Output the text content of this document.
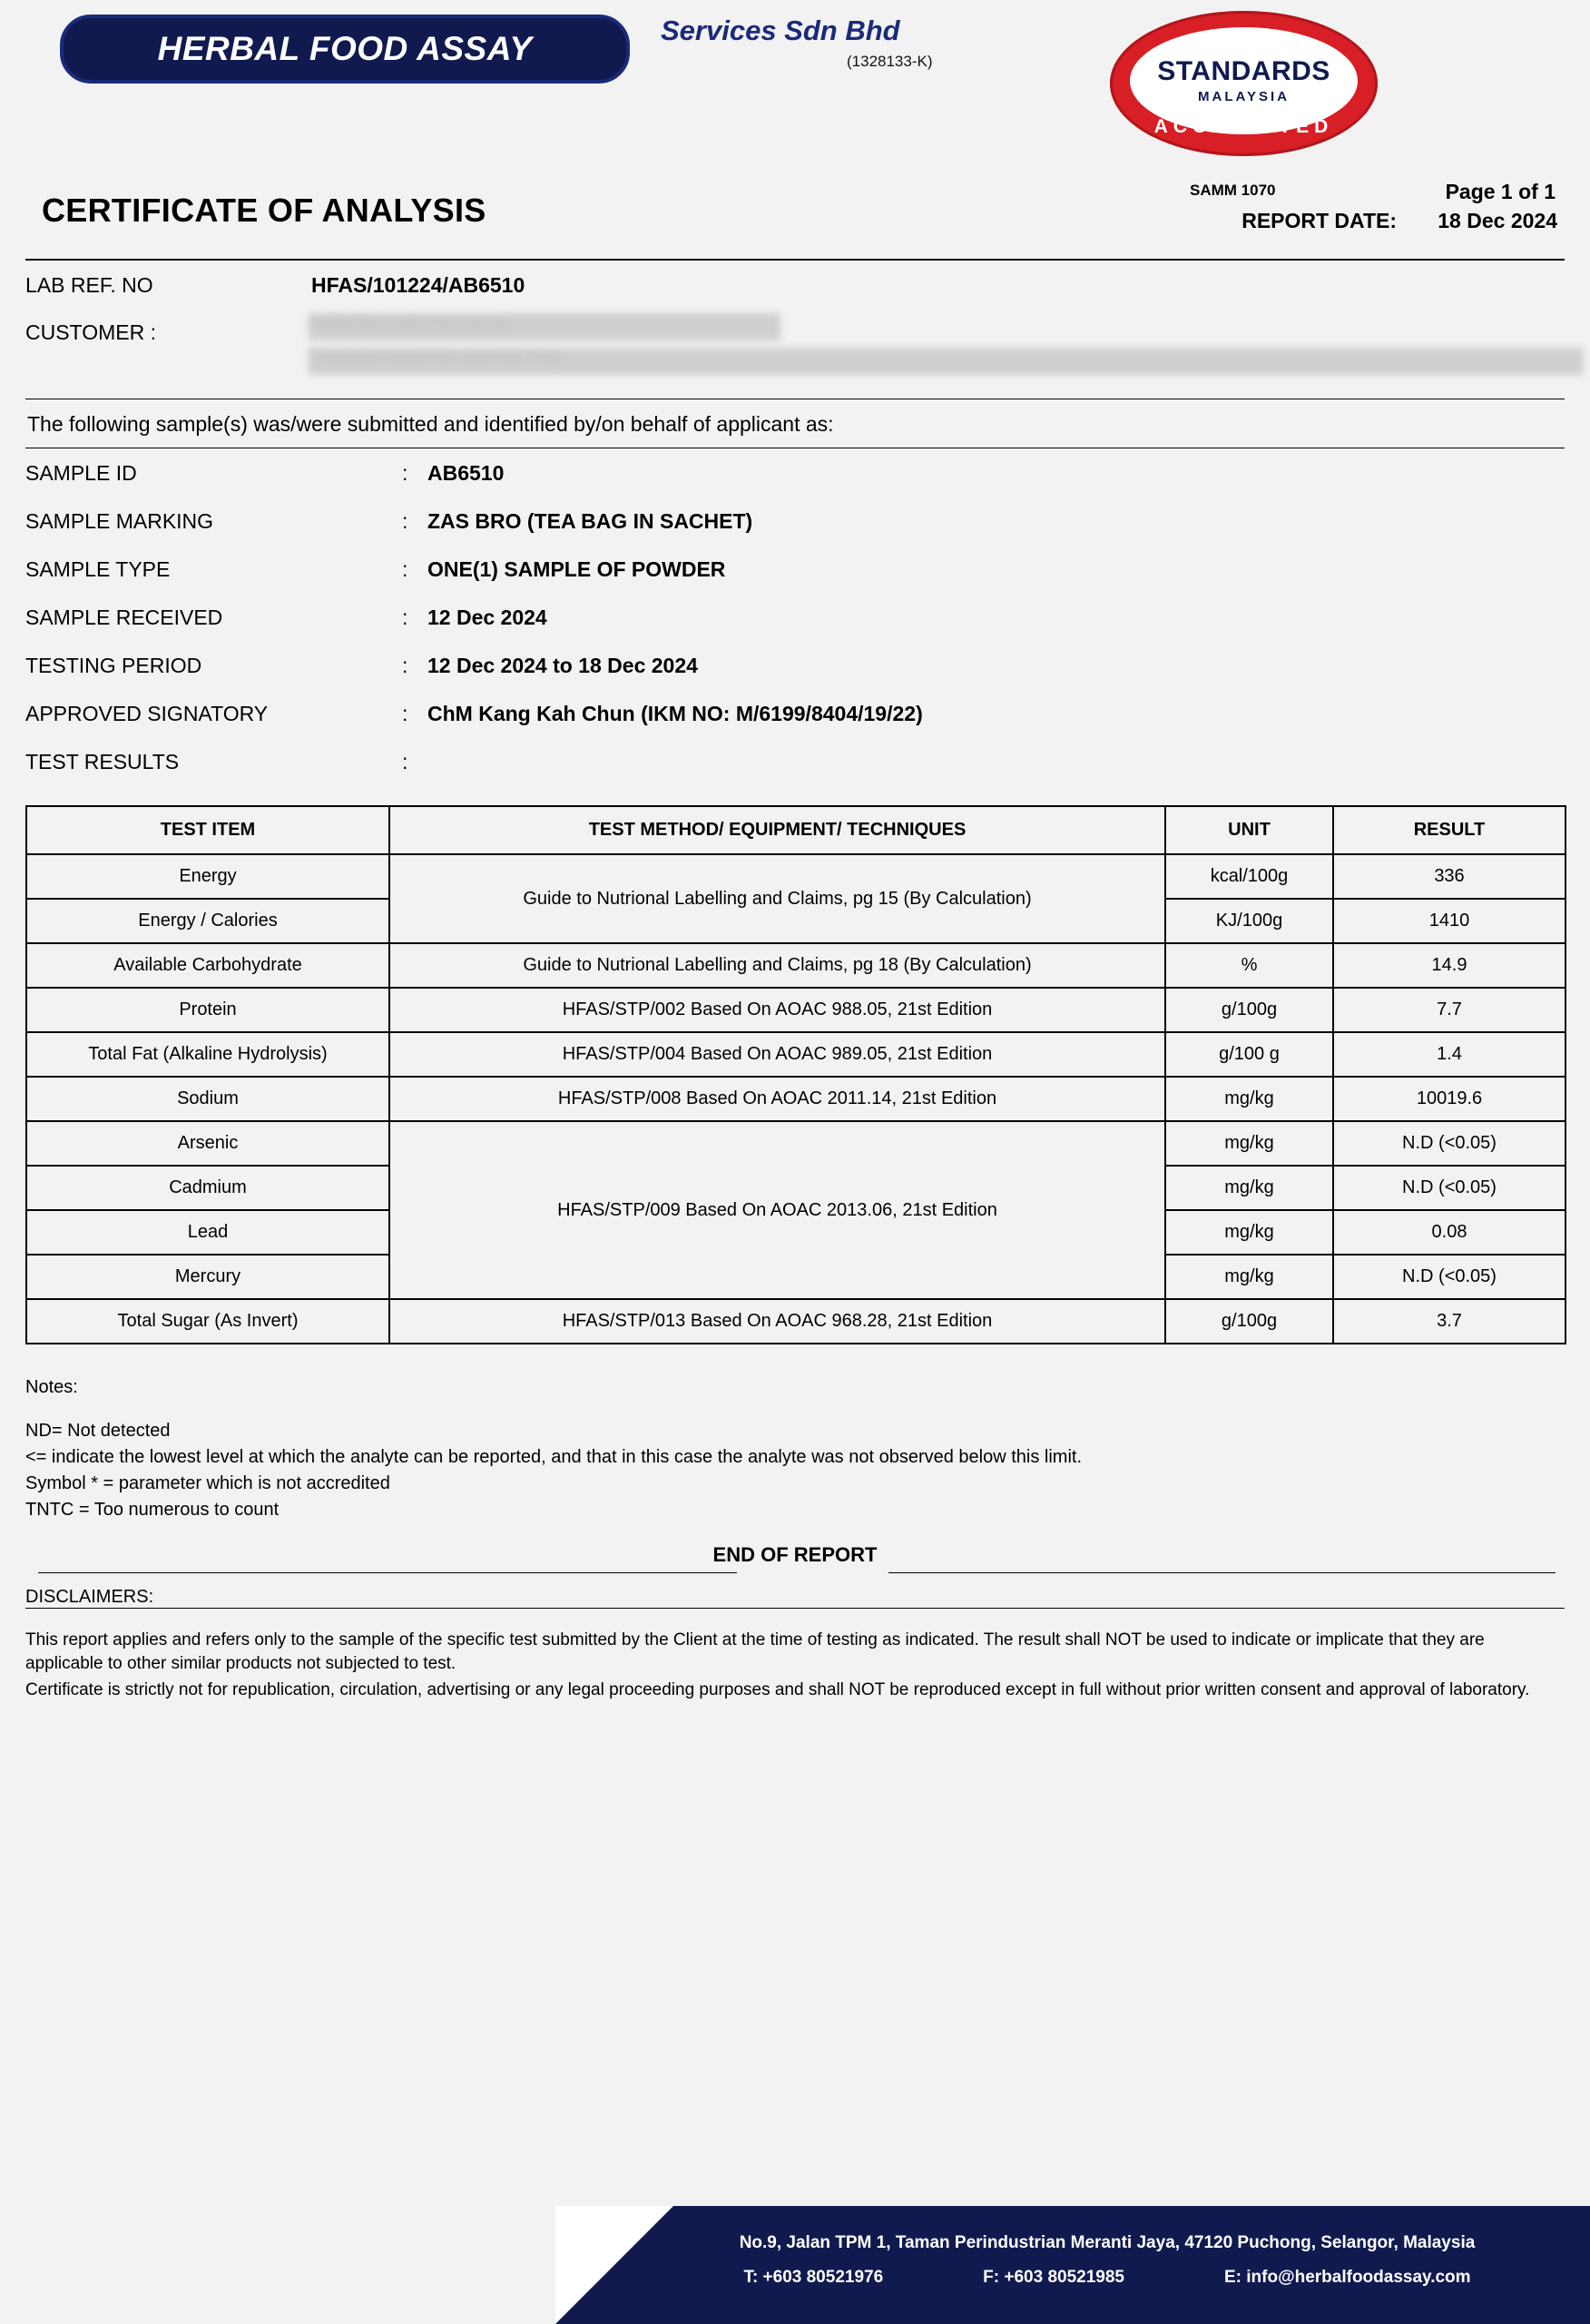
HERBAL FOOD ASSAY	Services Sdn Bhd
(1328133-K)	STANDARDS
MALAYSIA
ACCREDITED
SAMM 1070	Page 1 of 1
CERTIFICATE OF ANALYSIS	REPORT DATE: 18 Dec 2024
LAB REF. NO	HFAS/101224/AB6510
CUSTOMER :	[redacted customer name]
[redacted customer address line]
The following sample(s) was/were submitted and identified by/on behalf of applicant as:
SAMPLE ID	: AB6510
SAMPLE MARKING	: ZAS BRO (TEA BAG IN SACHET)
SAMPLE TYPE	: ONE(1) SAMPLE OF POWDER
SAMPLE RECEIVED	: 12 Dec 2024
TESTING PERIOD	: 12 Dec 2024 to 18 Dec 2024
APPROVED SIGNATORY	: ChM Kang Kah Chun (IKM NO: M/6199/8404/19/22)
TEST RESULTS	:
TEST ITEM	TEST METHOD/ EQUIPMENT/ TECHNIQUES	UNIT	RESULT
Energy	Guide to Nutrional Labelling and Claims, pg 15 (By Calculation)	kcal/100g	336
Energy / Calories		KJ/100g	1410
Available Carbohydrate	Guide to Nutrional Labelling and Claims, pg 18 (By Calculation)	%	14.9
Protein	HFAS/STP/002 Based On AOAC 988.05, 21st Edition	g/100g	7.7
Total Fat (Alkaline Hydrolysis)	HFAS/STP/004 Based On AOAC 989.05, 21st Edition	g/100 g	1.4
Sodium	HFAS/STP/008 Based On AOAC 2011.14, 21st Edition	mg/kg	10019.6
Arsenic	HFAS/STP/009 Based On AOAC 2013.06, 21st Edition	mg/kg	N.D (<0.05)
Cadmium		mg/kg	N.D (<0.05)
Lead		mg/kg	0.08
Mercury		mg/kg	N.D (<0.05)
Total Sugar (As Invert)	HFAS/STP/013 Based On AOAC 968.28, 21st Edition	g/100g	3.7
Notes:
ND= Not detected
<= indicate the lowest level at which the analyte can be reported, and that in this case the analyte was not observed below this limit.
Symbol * = parameter which is not accredited
TNTC = Too numerous to count
END OF REPORT
DISCLAIMERS:

This report applies and refers only to the sample of the specific test submitted by the Client at the time of testing as indicated. The result shall NOT be used to indicate or implicate that they are applicable to other similar products not subjected to test.

Certificate is strictly not for republication, circulation, advertising or any legal proceeding purposes and shall NOT be reproduced except in full without prior written consent and approval of laboratory.

No.9, Jalan TPM 1, Taman Perindustrian Meranti Jaya, 47120 Puchong, Selangor, Malaysia
T: +603 80521976	F: +603 80521985	E: info@herbalfoodassay.com
